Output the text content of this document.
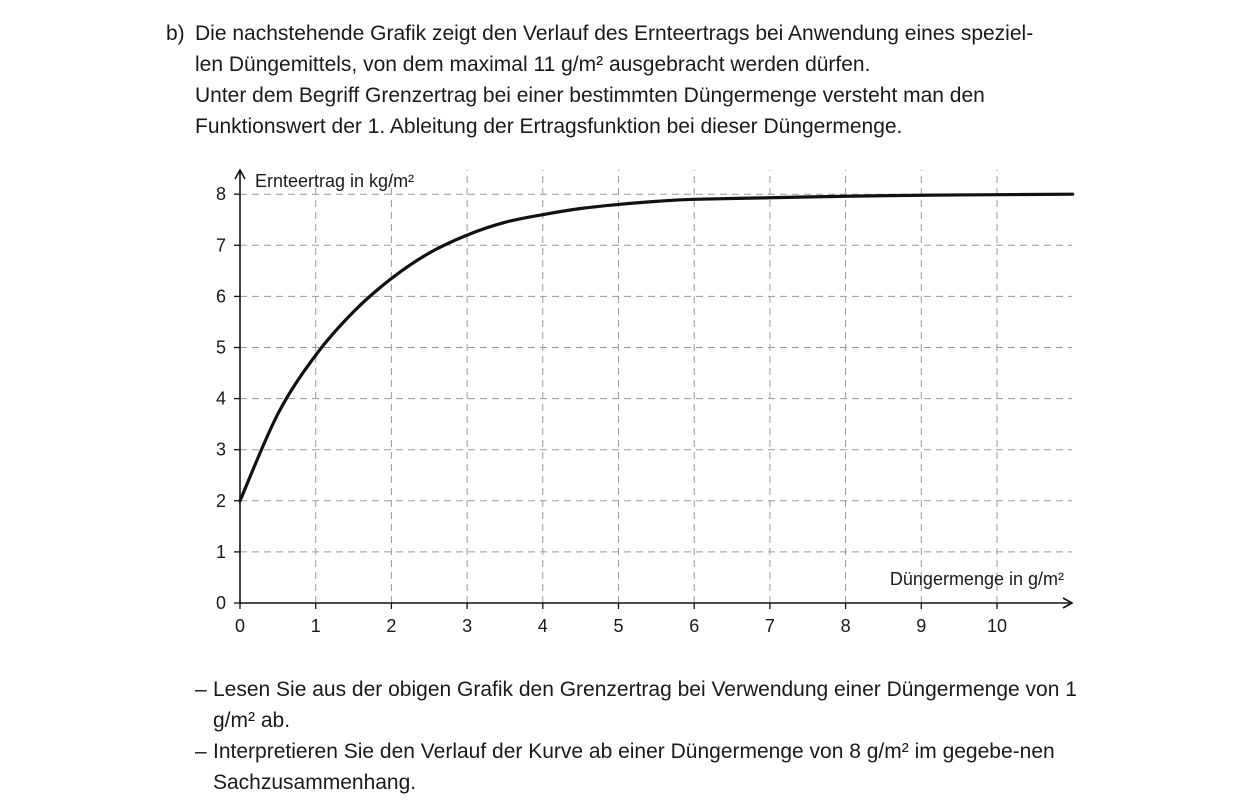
b) Die nachstehende Grafik zeigt den Verlauf des Ernteertrags bei Anwendung eines speziel-

len Düngemittels, von dem maximal 11 g/m² ausgebracht werden dürfen.

Unter dem Begriff Grenzertrag bei einer bestimmten Düngermenge versteht man den

Funktionswert der 1. Ableitung der Ertragsfunktion bei dieser Düngermenge.

0	1	2	3	4	5	6	7	8	9	10
0
1
2
3
4
5
6
7
8
Ernteertrag in kg/m²
Düngermenge in g/m²
– Lesen Sie aus der obigen Grafik den Grenzertrag bei Verwendung einer Düngermenge von 1 g/m² ab.
– Interpretieren Sie den Verlauf der Kurve ab einer Düngermenge von 8 g/m² im gegebe-nen Sachzusammenhang.
